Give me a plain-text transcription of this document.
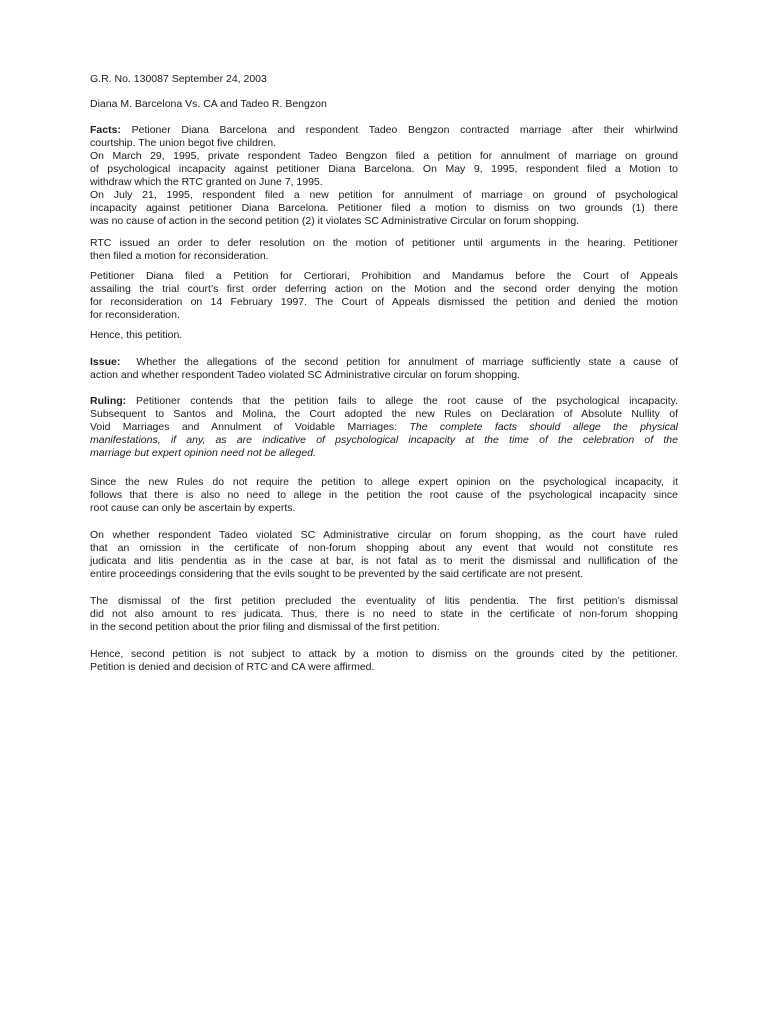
G.R. No. 130087 September 24, 2003
Diana M. Barcelona Vs. CA and Tadeo R. Bengzon
Facts: Petioner Diana Barcelona and respondent Tadeo Bengzon contracted marriage after their whirlwind
courtship. The union begot five children.
On March 29, 1995, private respondent Tadeo Bengzon filed a petition for annulment of marriage on ground
of psychological incapacity against petitioner Diana Barcelona. On May 9, 1995, respondent filed a Motion to
withdraw which the RTC granted on June 7, 1995.
On July 21, 1995, respondent filed a new petition for annulment of marriage on ground of psychological
incapacity against petitioner Diana Barcelona. Petitioner filed a motion to dismiss on two grounds (1) there
was no cause of action in the second petition (2) it violates SC Administrative Circular on forum shopping.
RTC issued an order to defer resolution on the motion of petitioner until arguments in the hearing. Petitioner
then filed a motion for reconsideration.
Petitioner Diana filed a Petition for Certiorari, Prohibition and Mandamus before the Court of Appeals
assailing the trial court’s first order deferring action on the Motion and the second order denying the motion
for reconsideration on 14 February 1997. The Court of Appeals dismissed the petition and denied the motion
for reconsideration.
Hence, this petition.
Issue: Whether the allegations of the second petition for annulment of marriage sufficiently state a cause of
action and whether respondent Tadeo violated SC Administrative circular on forum shopping.
Ruling: Petitioner contends that the petition fails to allege the root cause of the psychological incapacity.
Subsequent to Santos and Molina, the Court adopted the new Rules on Declaration of Absolute Nullity of
Void Marriages and Annulment of Voidable Marriages: The complete facts should allege the physical
manifestations, if any, as are indicative of psychological incapacity at the time of the celebration of the
marriage but expert opinion need not be alleged.
Since the new Rules do not require the petition to allege expert opinion on the psychological incapacity, it
follows that there is also no need to allege in the petition the root cause of the psychological incapacity since
root cause can only be ascertain by experts.
On whether respondent Tadeo violated SC Administrative circular on forum shopping, as the court have ruled
that an omission in the certificate of non-forum shopping about any event that would not constitute res
judicata and litis pendentia as in the case at bar, is not fatal as to merit the dismissal and nullification of the
entire proceedings considering that the evils sought to be prevented by the said certificate are not present.
The dismissal of the first petition precluded the eventuality of litis pendentia. The first petition’s dismissal
did not also amount to res judicata. Thus, there is no need to state in the certificate of non-forum shopping
in the second petition about the prior filing and dismissal of the first petition.
Hence, second petition is not subject to attack by a motion to dismiss on the grounds cited by the petitioner.
Petition is denied and decision of RTC and CA were affirmed.
